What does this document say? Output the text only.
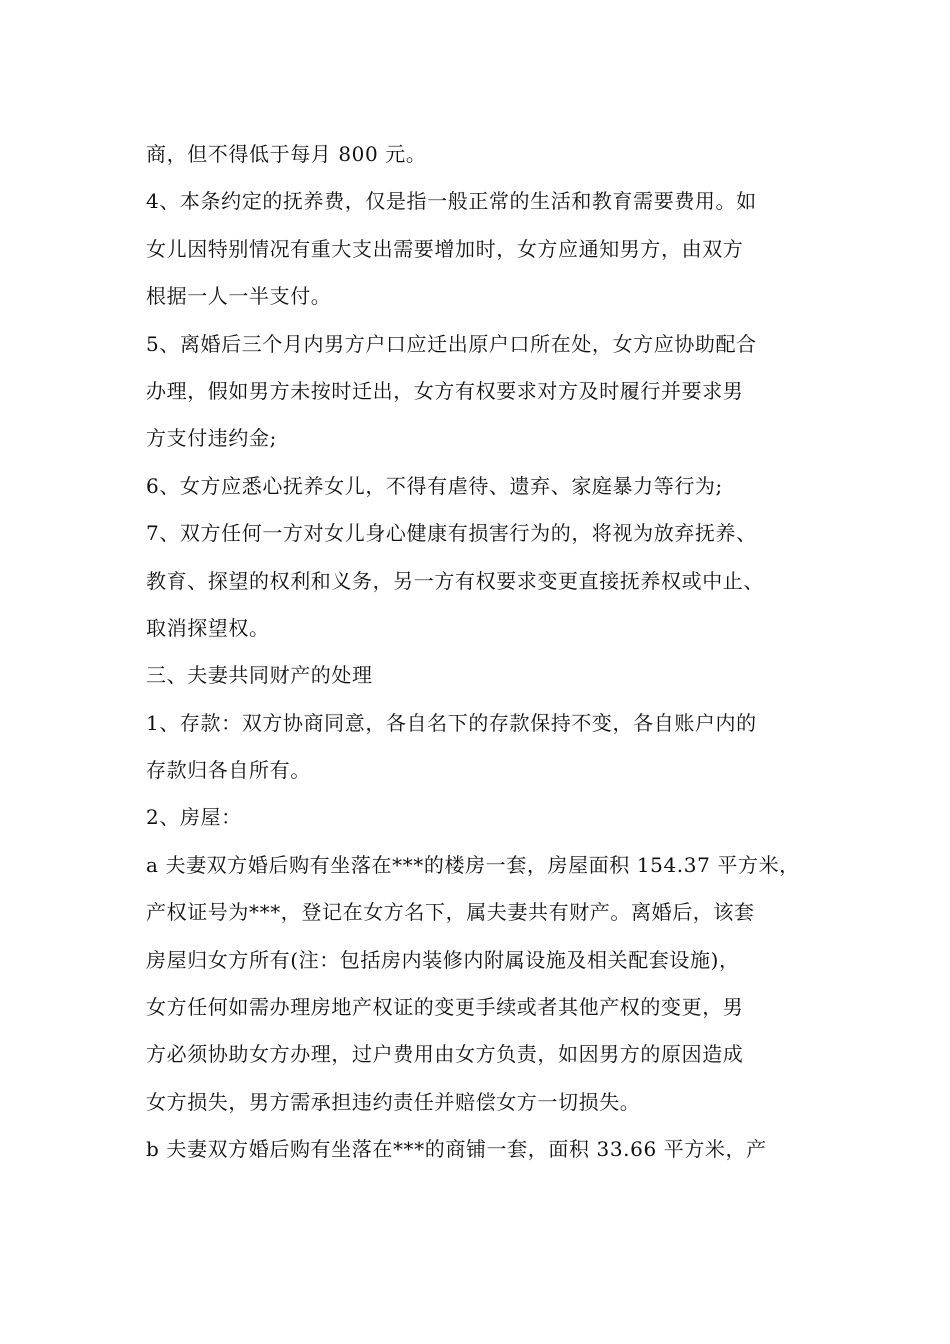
商，但不得低于每月 800 元。
4、本条约定的抚养费，仅是指一般正常的生活和教育需要费用。如
女儿因特别情况有重大支出需要增加时，女方应通知男方，由双方
根据一人一半支付。
5、离婚后三个月内男方户口应迁出原户口所在处，女方应协助配合
办理，假如男方未按时迁出，女方有权要求对方及时履行并要求男
方支付违约金;
6、女方应悉心抚养女儿，不得有虐待、遗弃、家庭暴力等行为;
7、双方任何一方对女儿身心健康有损害行为的，将视为放弃抚养、
教育、探望的权利和义务，另一方有权要求变更直接抚养权或中止、
取消探望权。
三、夫妻共同财产的处理
1、存款：双方协商同意，各自名下的存款保持不变，各自账户内的
存款归各自所有。
2、房屋：
a 夫妻双方婚后购有坐落在***的楼房一套，房屋面积 154.37 平方米，
产权证号为***，登记在女方名下，属夫妻共有财产。离婚后，该套
房屋归女方所有(注：包括房内装修内附属设施及相关配套设施)，
女方任何如需办理房地产权证的变更手续或者其他产权的变更，男
方必须协助女方办理，过户费用由女方负责，如因男方的原因造成
女方损失，男方需承担违约责任并赔偿女方一切损失。
b 夫妻双方婚后购有坐落在***的商铺一套，面积 33.66 平方米，产
